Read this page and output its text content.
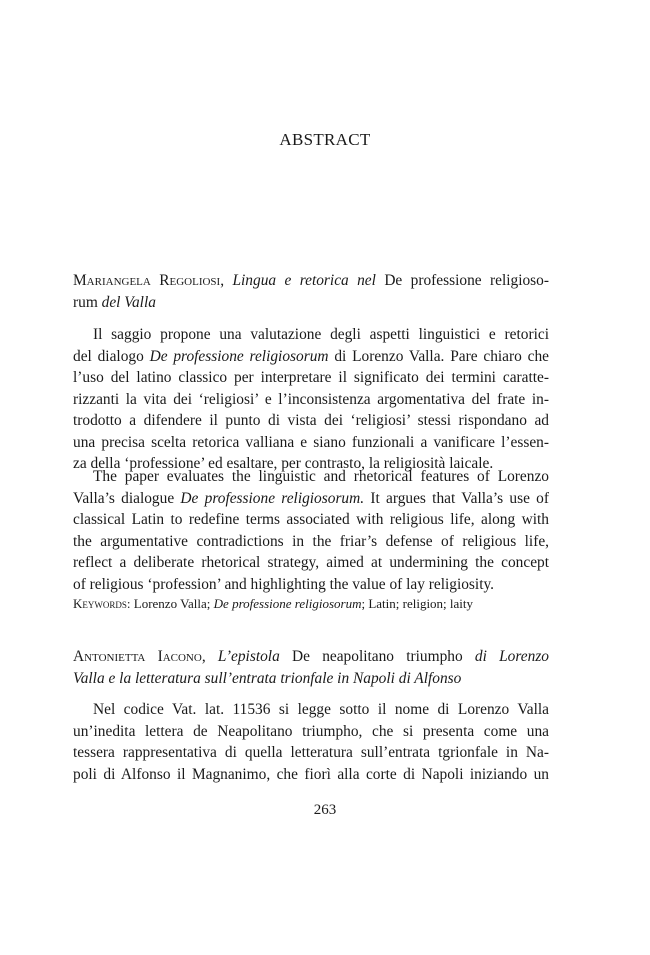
ABSTRACT
Mariangela Regoliosi, Lingua e retorica nel De professione religioso-
rum del Valla
Il saggio propone una valutazione degli aspetti linguistici e retorici
del dialogo De professione religiosorum di Lorenzo Valla. Pare chiaro che
l’uso del latino classico per interpretare il significato dei termini caratte-
rizzanti la vita dei ‘religiosi’ e l’inconsistenza argomentativa del frate in-
trodotto a difendere il punto di vista dei ‘religiosi’ stessi rispondano ad
una precisa scelta retorica valliana e siano funzionali a vanificare l’essen-
za della ‘professione’ ed esaltare, per contrasto, la religiosità laicale.
The paper evaluates the linguistic and rhetorical features of Lorenzo
Valla’s dialogue De professione religiosorum. It argues that Valla’s use of
classical Latin to redefine terms associated with religious life, along with
the argumentative contradictions in the friar’s defense of religious life,
reflect a deliberate rhetorical strategy, aimed at undermining the concept
of religious ‘profession’ and highlighting the value of lay religiosity.
Keywords: Lorenzo Valla; De professione religiosorum; Latin; religion; laity
Antonietta Iacono, L’epistola De neapolitano triumpho di Lorenzo
Valla e la letteratura sull’entrata trionfale in Napoli di Alfonso
Nel codice Vat. lat. 11536 si legge sotto il nome di Lorenzo Valla
un’inedita lettera de Neapolitano triumpho, che si presenta come una
tessera rappresentativa di quella letteratura sull’entrata tgrionfale in Na-
poli di Alfonso il Magnanimo, che fiorì alla corte di Napoli iniziando un
263
